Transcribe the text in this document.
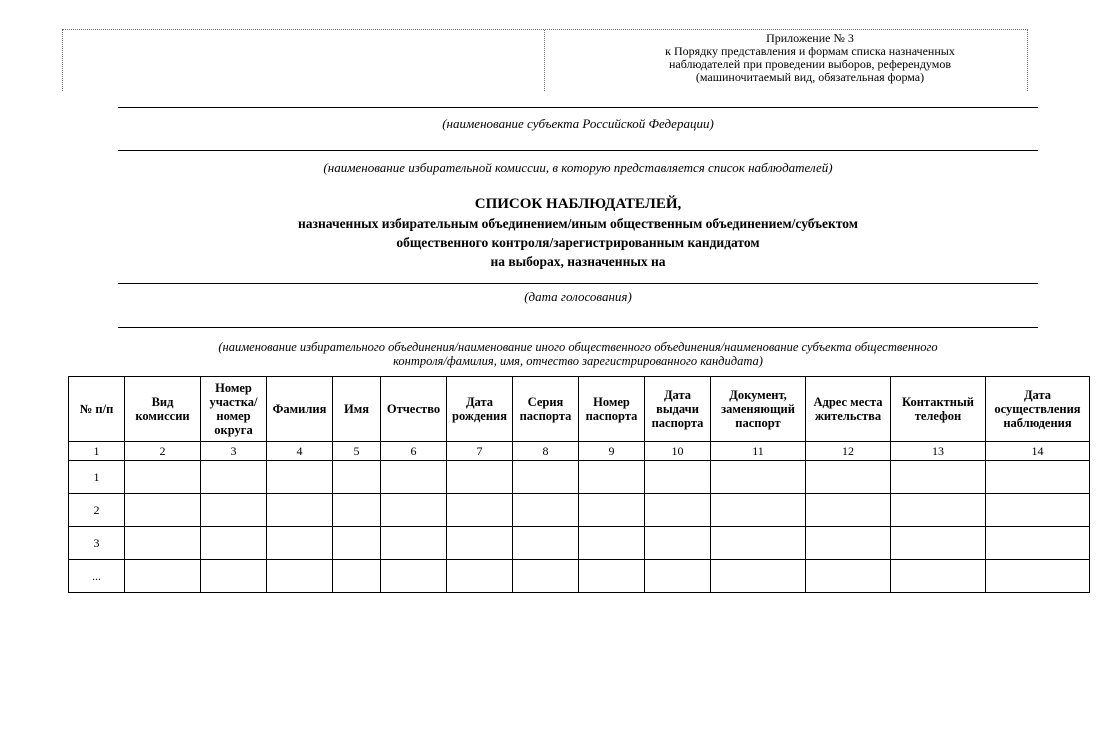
Приложение № 3
к Порядку представления и формам списка назначенных
наблюдателей при проведении выборов, референдумов
(машиночитаемый вид, обязательная форма)
(наименование субъекта Российской Федерации)
(наименование избирательной комиссии, в которую представляется список наблюдателей)
СПИСОК НАБЛЮДАТЕЛЕЙ,
назначенных избирательным объединением/иным общественным объединением/субъектом
общественного контроля/зарегистрированным кандидатом
на выборах, назначенных на
(дата голосования)
(наименование избирательного объединения/наименование иного общественного объединения/наименование субъекта общественного
контроля/фамилия, имя, отчество зарегистрированного кандидата)
№ п/п	Вид комиссии	Номер участка/ номер округа	Фамилия	Имя	Отчество	Дата рождения	Серия паспорта	Номер паспорта	Дата выдачи паспорта	Документ, заменяющий паспорт	Адрес места жительства	Контактный телефон	Дата осуществления наблюдения
1	2	3	4	5	6	7	8	9	10	11	12	13	14
1													
2													
3													
...													
